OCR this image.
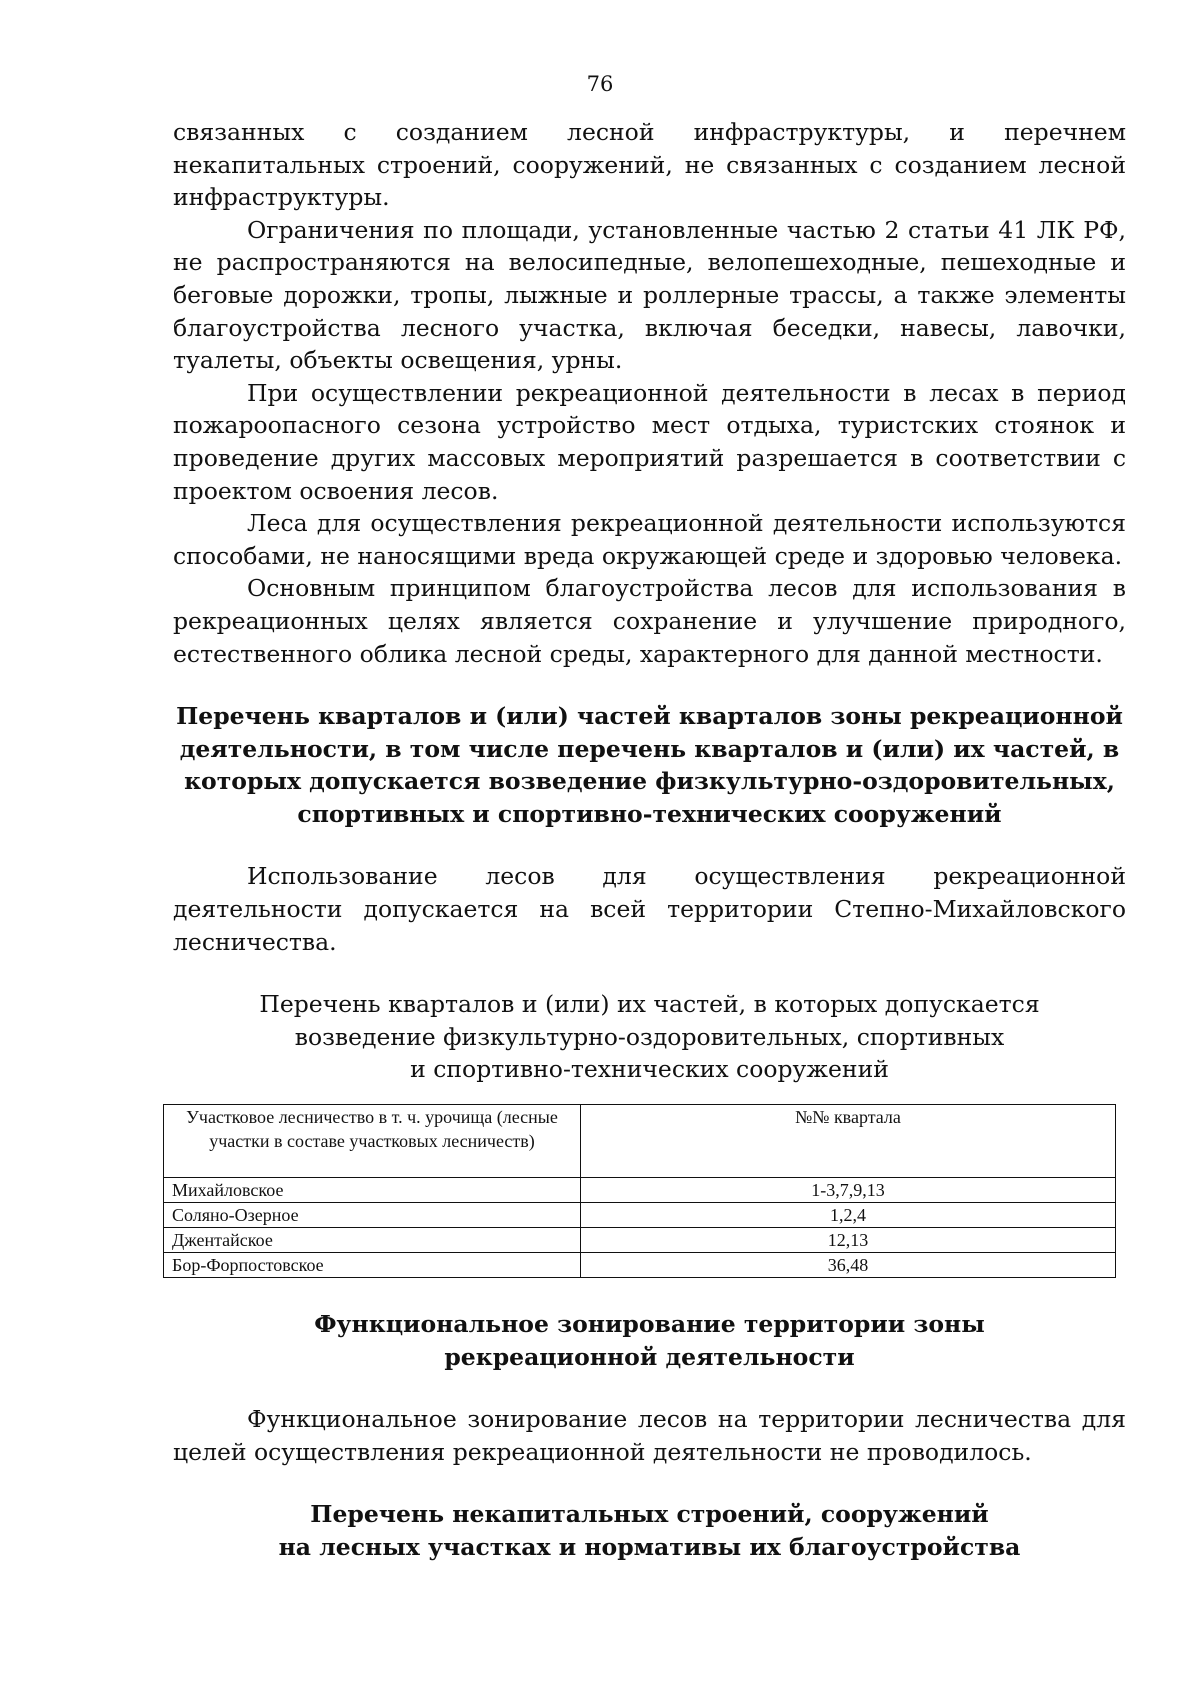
76

связанных с созданием лесной инфраструктуры, и перечнем некапитальных строений, сооружений, не связанных с созданием лесной инфраструктуры.

Ограничения по площади, установленные частью 2 статьи 41 ЛК РФ, не распространяются на велосипедные, велопешеходные, пешеходные и беговые дорожки, тропы, лыжные и роллерные трассы, а также элементы благоустройства лесного участка, включая беседки, навесы, лавочки, туалеты, объекты освещения, урны.

При осуществлении рекреационной деятельности в лесах в период пожароопасного сезона устройство мест отдыха, туристских стоянок и проведение других массовых мероприятий разрешается в соответствии с проектом освоения лесов.

Леса для осуществления рекреационной деятельности используются способами, не наносящими вреда окружающей среде и здоровью человека.

Основным принципом благоустройства лесов для использования в рекреационных целях является сохранение и улучшение природного, естественного облика лесной среды, характерного для данной местности.

Перечень кварталов и (или) частей кварталов зоны рекреационной
деятельности, в том числе перечень кварталов и (или) их частей, в
которых допускается возведение физкультурно-оздоровительных,
спортивных и спортивно-технических сооружений

Использование лесов для осуществления рекреационной деятельности допускается на всей территории Степно-Михайловского лесничества.

Перечень кварталов и (или) их частей, в которых допускается
возведение физкультурно-оздоровительных, спортивных
и спортивно-технических сооружений
Участковое лесничество в т. ч. урочища (лесные участки в составе участковых лесничеств)	№№ квартала
Михайловское	1-3,7,9,13
Соляно-Озерное	1,2,4
Джентайское	12,13
Бор-Форпостовское	36,48
Функциональное зонирование территории зоны
рекреационной деятельности

Функциональное зонирование лесов на территории лесничества для целей осуществления рекреационной деятельности не проводилось.

Перечень некапитальных строений, сооружений
на лесных участках и нормативы их благоустройства
